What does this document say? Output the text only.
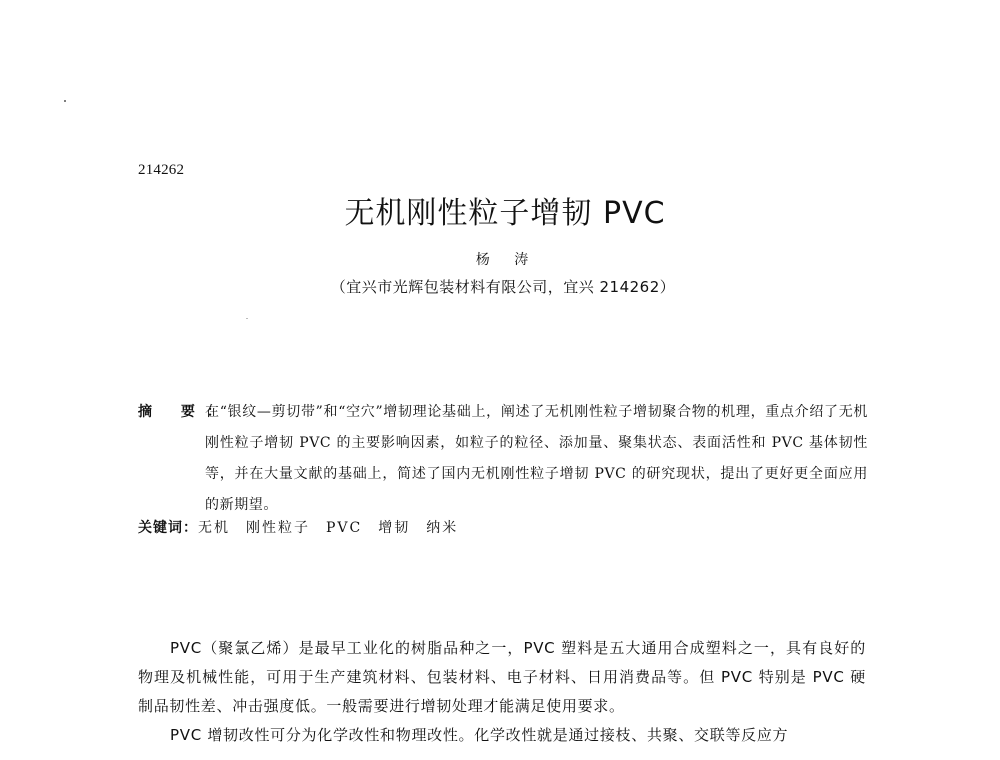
214262
无机刚性粒子增韧 PVC
杨 涛
（宜兴市光辉包装材料有限公司，宜兴 214262）
摘 要：
在“银纹—剪切带”和“空穴”增韧理论基础上，阐述了无机刚性粒子增韧聚合物的机理，重点介绍了无机刚性粒子增韧 PVC 的主要影响因素，如粒子的粒径、添加量、聚集状态、表面活性和 PVC 基体韧性等，并在大量文献的基础上，简述了国内无机刚性粒子增韧 PVC 的研究现状，提出了更好更全面应用的新期望。
关键词：无机 刚性粒子 PVC 增韧 纳米

PVC（聚氯乙烯）是最早工业化的树脂品种之一，PVC 塑料是五大通用合成塑料之一，具有良好的物理及机械性能，可用于生产建筑材料、包装材料、电子材料、日用消费品等。但 PVC 特别是 PVC 硬制品韧性差、冲击强度低。一般需要进行增韧处理才能满足使用要求。

PVC 增韧改性可分为化学改性和物理改性。化学改性就是通过接枝、共聚、交联等反应方
